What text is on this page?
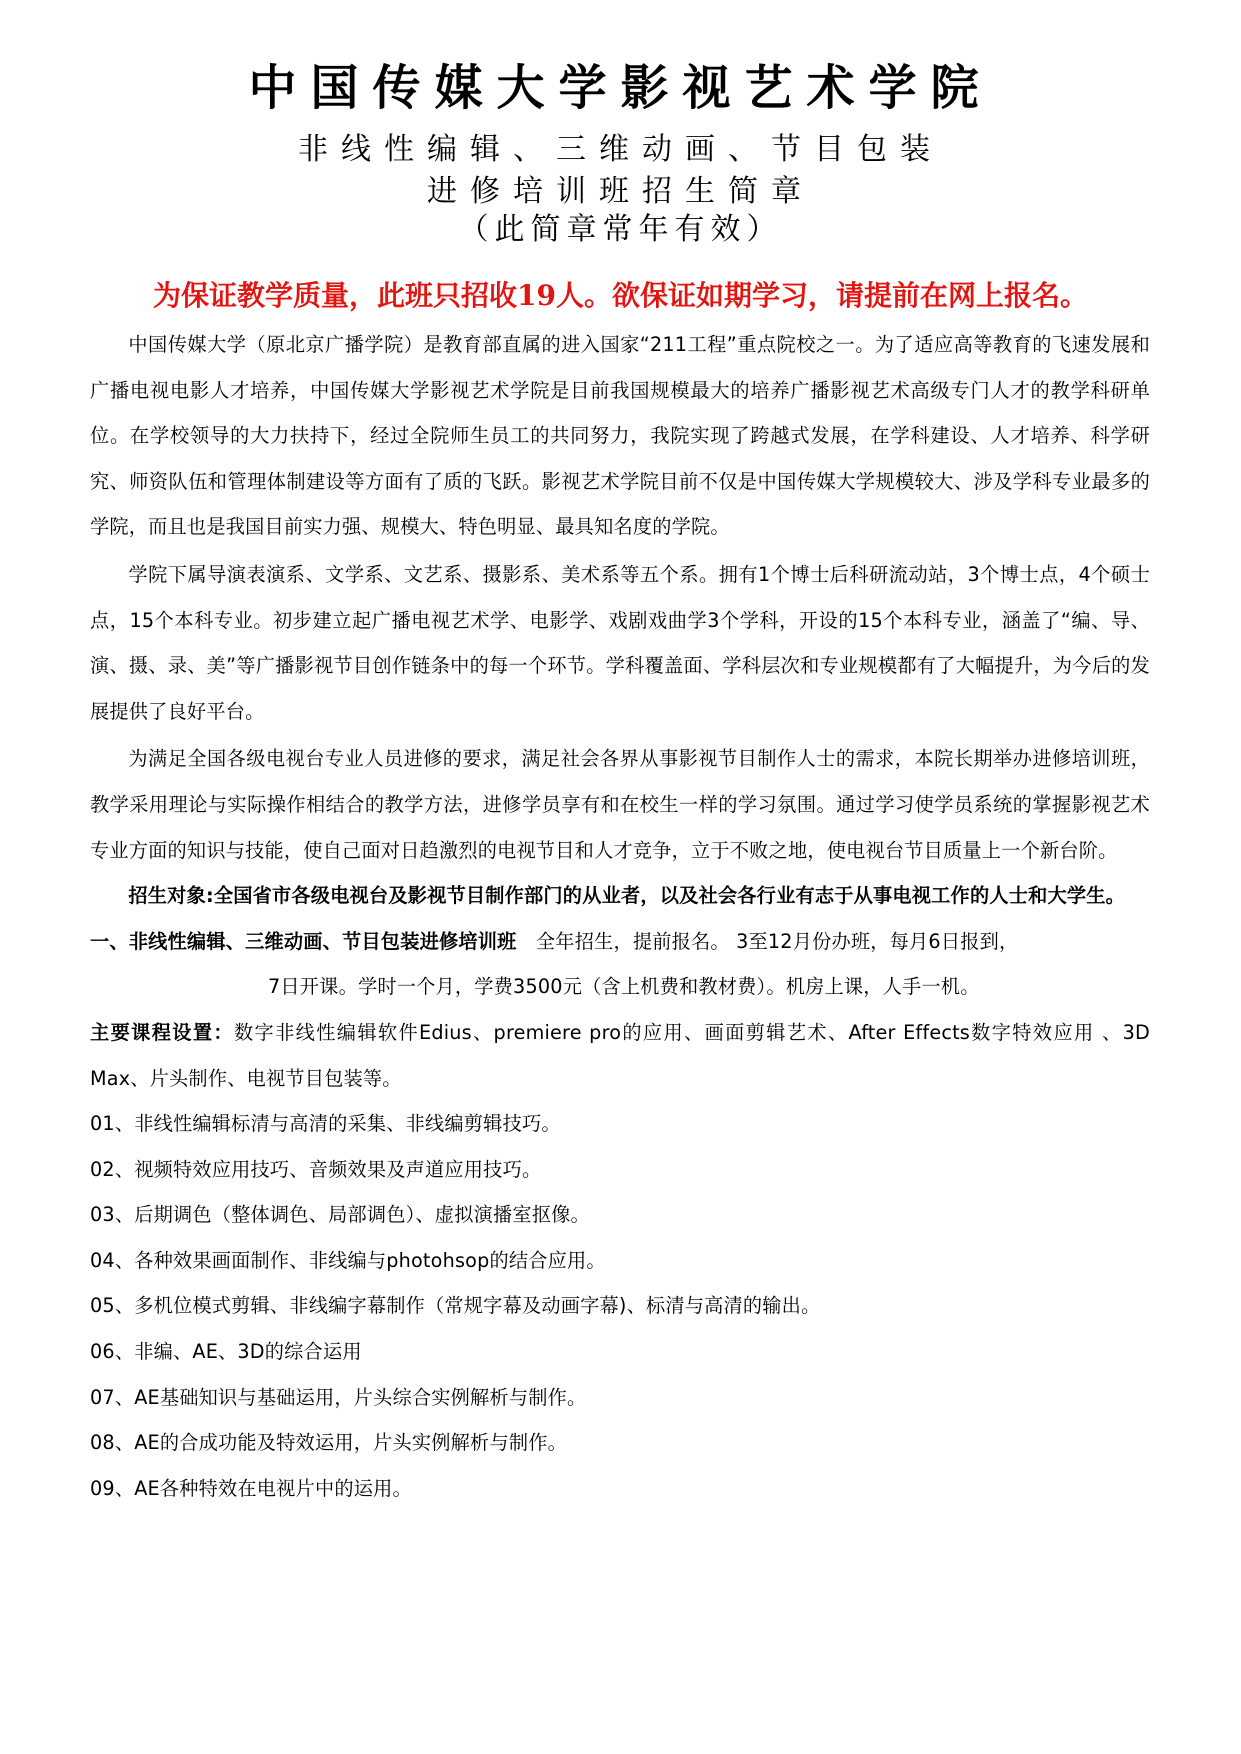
中国传媒大学影视艺术学院
非线性编辑、三维动画、节目包装
进修培训班招生简章
（此简章常年有效）
为保证教学质量，此班只招收19人。欲保证如期学习，请提前在网上报名。

中国传媒大学（原北京广播学院）是教育部直属的进入国家“211工程”重点院校之一。为了适应高等教育的飞速发展和广播电视电影人才培养，中国传媒大学影视艺术学院是目前我国规模最大的培养广播影视艺术高级专门人才的教学科研单位。在学校领导的大力扶持下，经过全院师生员工的共同努力，我院实现了跨越式发展，在学科建设、人才培养、科学研究、师资队伍和管理体制建设等方面有了质的飞跃。影视艺术学院目前不仅是中国传媒大学规模较大、涉及学科专业最多的学院，而且也是我国目前实力强、规模大、特色明显、最具知名度的学院。

学院下属导演表演系、文学系、文艺系、摄影系、美术系等五个系。拥有1个博士后科研流动站，3个博士点，4个硕士点，15个本科专业。初步建立起广播电视艺术学、电影学、戏剧戏曲学3个学科，开设的15个本科专业，涵盖了“编、导、演、摄、录、美”等广播影视节目创作链条中的每一个环节。学科覆盖面、学科层次和专业规模都有了大幅提升，为今后的发展提供了良好平台。

为满足全国各级电视台专业人员进修的要求，满足社会各界从事影视节目制作人士的需求，本院长期举办进修培训班，教学采用理论与实际操作相结合的教学方法，进修学员享有和在校生一样的学习氛围。通过学习使学员系统的掌握影视艺术专业方面的知识与技能，使自己面对日趋激烈的电视节目和人才竞争，立于不败之地，使电视台节目质量上一个新台阶。

招生对象:全国省市各级电视台及影视节目制作部门的从业者，以及社会各行业有志于从事电视工作的人士和大学生。

一、非线性编辑、三维动画、节目包装进修培训班　 全年招生，提前报名。 3至12月份办班，每月6日报到，

7日开课。学时一个月，学费3500元（含上机费和教材费）。机房上课，人手一机。

主要课程设置：数字非线性编辑软件Edius、premiere pro的应用、画面剪辑艺术、After Effects数字特效应用 、3D Max、片头制作、电视节目包装等。

01、非线性编辑标清与高清的采集、非线编剪辑技巧。

02、视频特效应用技巧、音频效果及声道应用技巧。

03、后期调色（整体调色、局部调色）、虚拟演播室抠像。

04、各种效果画面制作、非线编与photohsop的结合应用。

05、多机位模式剪辑、非线编字幕制作（常规字幕及动画字幕)、标清与高清的输出。

06、非编、AE、3D的综合运用

07、AE基础知识与基础运用，片头综合实例解析与制作。

08、AE的合成功能及特效运用，片头实例解析与制作。

09、AE各种特效在电视片中的运用。
